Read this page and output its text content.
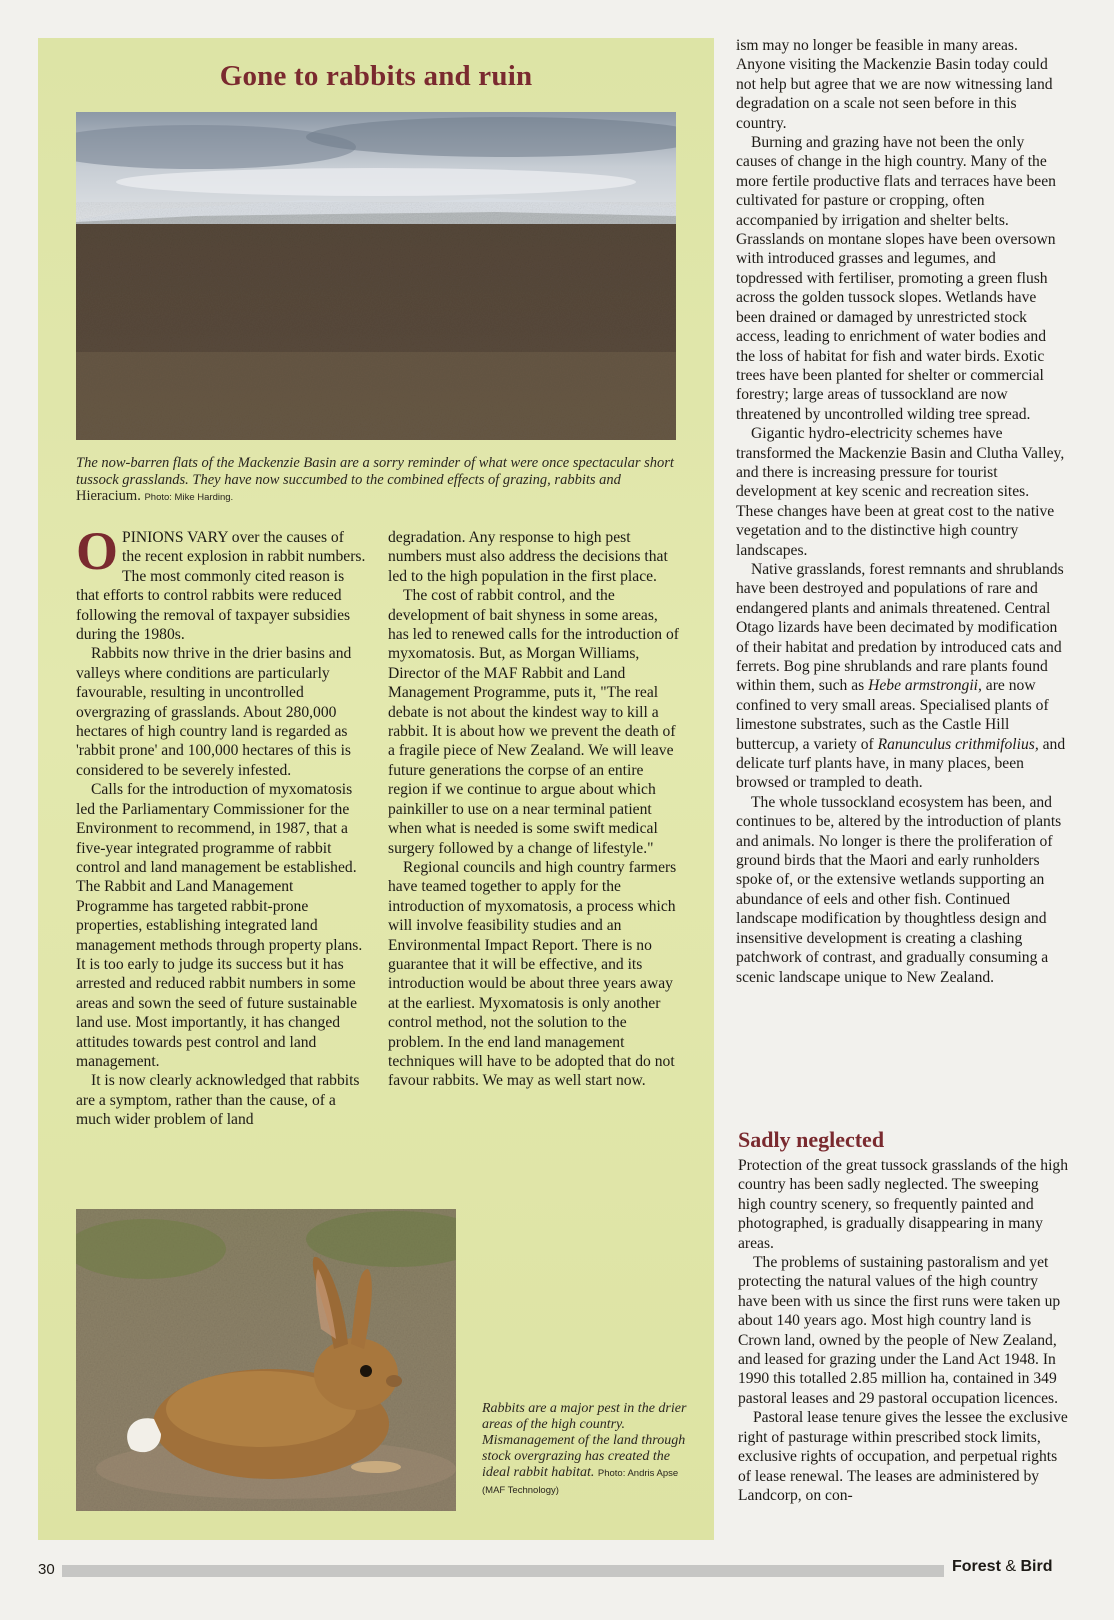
Gone to rabbits and ruin
The now-barren flats of the Mackenzie Basin are a sorry reminder of what were once spectacular short tussock grasslands. They have now succumbed to the combined effects of grazing, rabbits and Hieracium. Photo: Mike Harding.

OPINIONS VARY over the causes of the recent explosion in rabbit numbers. The most commonly cited reason is that efforts to control rabbits were reduced following the removal of taxpayer subsidies during the 1980s.

Rabbits now thrive in the drier basins and valleys where conditions are particularly favourable, resulting in uncontrolled overgrazing of grasslands. About 280,000 hectares of high country land is regarded as 'rabbit prone' and 100,000 hectares of this is considered to be severely infested.

Calls for the introduction of myxomatosis led the Parliamentary Commissioner for the Environment to recommend, in 1987, that a five-year integrated programme of rabbit control and land management be established. The Rabbit and Land Management Programme has targeted rabbit-prone properties, establishing integrated land management methods through property plans. It is too early to judge its success but it has arrested and reduced rabbit numbers in some areas and sown the seed of future sustainable land use. Most importantly, it has changed attitudes towards pest control and land management.

It is now clearly acknowledged that rabbits are a symptom, rather than the cause, of a much wider problem of land

degradation. Any response to high pest numbers must also address the decisions that led to the high population in the first place.

The cost of rabbit control, and the development of bait shyness in some areas, has led to renewed calls for the introduction of myxomatosis. But, as Morgan Williams, Director of the MAF Rabbit and Land Management Programme, puts it, "The real debate is not about the kindest way to kill a rabbit. It is about how we prevent the death of a fragile piece of New Zealand. We will leave future generations the corpse of an entire region if we continue to argue about which painkiller to use on a near terminal patient when what is needed is some swift medical surgery followed by a change of lifestyle."

Regional councils and high country farmers have teamed together to apply for the introduction of myxomatosis, a process which will involve feasibility studies and an Environmental Impact Report. There is no guarantee that it will be effective, and its introduction would be about three years away at the earliest. Myxomatosis is only another control method, not the solution to the problem. In the end land management techniques will have to be adopted that do not favour rabbits. We may as well start now.

ism may no longer be feasible in many areas. Anyone visiting the Mackenzie Basin today could not help but agree that we are now witnessing land degradation on a scale not seen before in this country.

Burning and grazing have not been the only causes of change in the high country. Many of the more fertile productive flats and terraces have been cultivated for pasture or cropping, often accompanied by irrigation and shelter belts. Grasslands on montane slopes have been oversown with introduced grasses and legumes, and topdressed with fertiliser, promoting a green flush across the golden tussock slopes. Wetlands have been drained or damaged by unrestricted stock access, leading to enrichment of water bodies and the loss of habitat for fish and water birds. Exotic trees have been planted for shelter or commercial forestry; large areas of tussockland are now threatened by uncontrolled wilding tree spread.

Gigantic hydro-electricity schemes have transformed the Mackenzie Basin and Clutha Valley, and there is increasing pressure for tourist development at key scenic and recreation sites. These changes have been at great cost to the native vegetation and to the distinctive high country landscapes.

Native grasslands, forest remnants and shrublands have been destroyed and populations of rare and endangered plants and animals threatened. Central Otago lizards have been decimated by modification of their habitat and predation by introduced cats and ferrets. Bog pine shrublands and rare plants found within them, such as Hebe armstrongii, are now confined to very small areas. Specialised plants of limestone substrates, such as the Castle Hill buttercup, a variety of Ranunculus crithmifolius, and delicate turf plants have, in many places, been browsed or trampled to death.

The whole tussockland ecosystem has been, and continues to be, altered by the introduction of plants and animals. No longer is there the proliferation of ground birds that the Maori and early runholders spoke of, or the extensive wetlands supporting an abundance of eels and other fish. Continued landscape modification by thoughtless design and insensitive development is creating a clashing patchwork of contrast, and gradually consuming a scenic landscape unique to New Zealand.

Sadly neglected

Protection of the great tussock grasslands of the high country has been sadly neglected. The sweeping high country scenery, so frequently painted and photographed, is gradually disappearing in many areas.

The problems of sustaining pastoralism and yet protecting the natural values of the high country have been with us since the first runs were taken up about 140 years ago. Most high country land is Crown land, owned by the people of New Zealand, and leased for grazing under the Land Act 1948. In 1990 this totalled 2.85 million ha, contained in 349 pastoral leases and 29 pastoral occupation licences.

Pastoral lease tenure gives the lessee the exclusive right of pasturage within prescribed stock limits, exclusive rights of occupation, and perpetual rights of lease renewal. The leases are administered by Landcorp, on con-

Rabbits are a major pest in the drier areas of the high country. Mismanagement of the land through stock overgrazing has created the ideal rabbit habitat. Photo: Andris Apse (MAF Technology)
30	Forest & Bird
